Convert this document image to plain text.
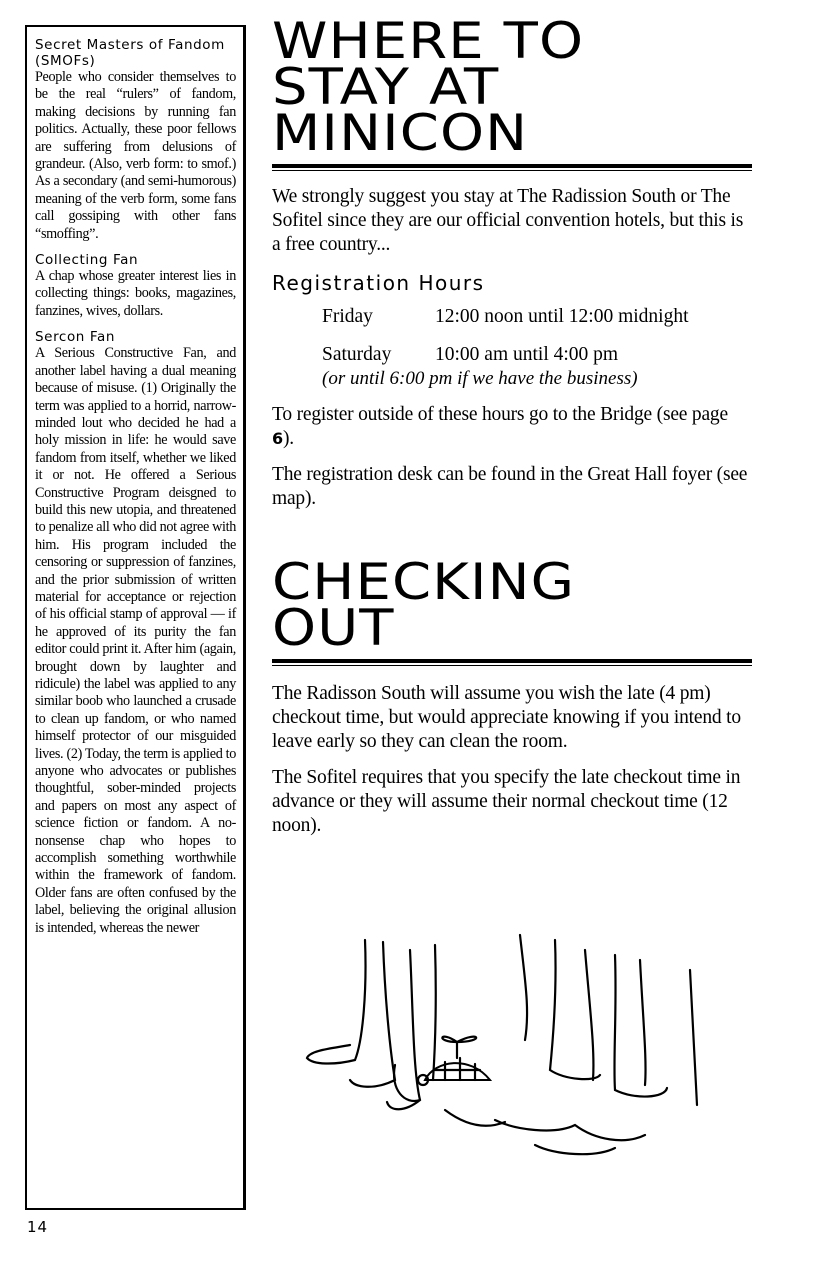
Secret Masters of Fandom (SMOFs)

People who consider themselves to be the real “rulers” of fandom, making decisions by running fan politics. Actually, these poor fellows are suffering from delusions of grandeur. (Also, verb form: to smof.) As a secondary (and semi-humorous) meaning of the verb form, some fans call gossiping with other fans “smoffing”.

Collecting Fan

A chap whose greater interest lies in collecting things: books, magazines, fanzines, wives, dollars.

Sercon Fan

A Serious Constructive Fan, and another label having a dual meaning because of misuse. (1) Originally the term was applied to a horrid, narrow-minded lout who decided he had a holy mission in life: he would save fandom from itself, whether we liked it or not. He offered a Serious Constructive Program deisgned to build this new utopia, and threatened to penalize all who did not agree with him. His program included the censoring or suppression of fanzines, and the prior submission of written material for acceptance or rejection of his official stamp of approval — if he approved of its purity the fan editor could print it. After him (again, brought down by laughter and ridicule) the label was applied to any similar boob who launched a crusade to clean up fandom, or who named himself protector of our misguided lives. (2) Today, the term is applied to anyone who advocates or publishes thoughtful, sober-minded projects and papers on most any aspect of science fiction or fandom. A no-nonsense chap who hopes to accomplish something worthwhile within the framework of fandom. Older fans are often confused by the label, believing the original allusion is intended, whereas the newer

14
WHERE TO
STAY AT
MINICON

We strongly suggest you stay at The Radission South or The Sofitel since they are our official convention hotels, but this is a free country...

Registration Hours
Friday	12:00 noon until 12:00 midnight
Saturday	10:00 am until 4:00 pm
(or until 6:00 pm if we have the business)

To register outside of these hours go to the Bridge (see page 6).

The registration desk can be found in the Great Hall foyer (see map).

CHECKING
OUT

The Radisson South will assume you wish the late (4 pm) checkout time, but would appreciate knowing if you intend to leave early so they can clean the room.

The Sofitel requires that you specify the late checkout time in advance or they will assume their normal checkout time (12 noon).
